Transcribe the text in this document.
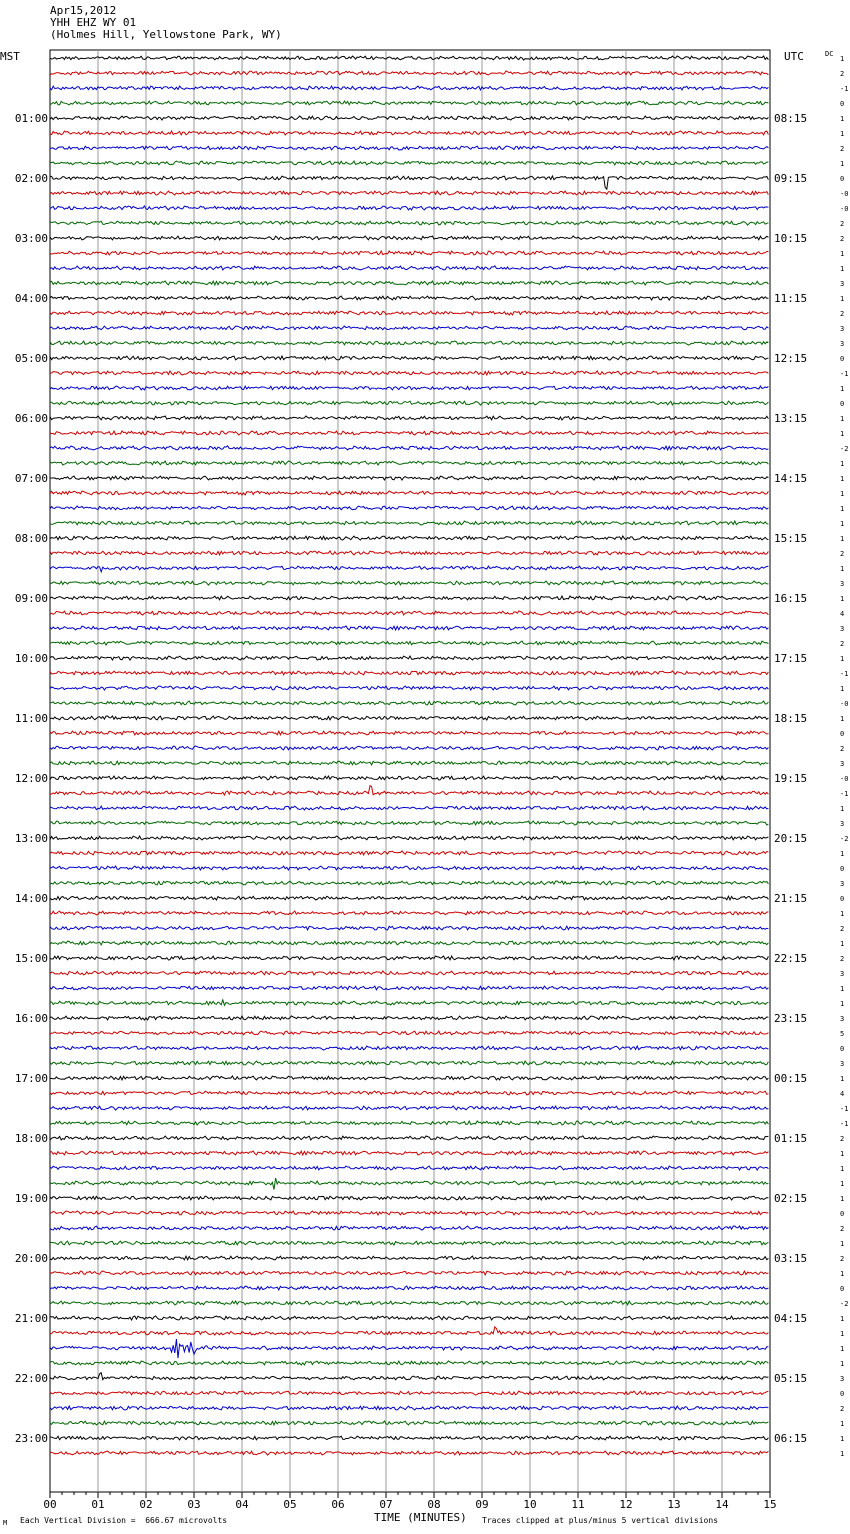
Apr15,2012
YHH EHZ WY 01
(Holmes Hill, Yellowstone Park, WY)
MST	UTC	DC
00	01	02	03	04	05	06	07	08	09	10	11	12	13	14	15
1
2
-1
0
1
1
2
1
0
-0
-0
2
2
1
1
3
1
2
3
3
0
-1
1
0
1
1
-2
1
1
1
1
1
1
2
1
3
1
4
3
2
1
-1
1
-0
1
0
2
3
-0
-1
1
3
-2
1
0
3
0
1
2
1
2
3
1
1
3
5
0
3
1
4
-1
-1
2
1
1
1
1
0
2
1
2
1
0
-2
1
1
1
1
3
0
2
1
1
1
01:00	08:15
02:00	09:15
03:00	10:15
04:00	11:15
05:00	12:15
06:00	13:15
07:00	14:15
08:00	15:15
09:00	16:15
10:00	17:15
11:00	18:15
12:00	19:15
13:00	20:15
14:00	21:15
15:00	22:15
16:00	23:15
17:00	00:15
18:00	01:15
19:00	02:15
20:00	03:15
21:00	04:15
22:00	05:15
23:00	06:15
M Each Vertical Division =  666.67 microvolts	TIME (MINUTES) Traces clipped at plus/minus 5 vertical divisions
